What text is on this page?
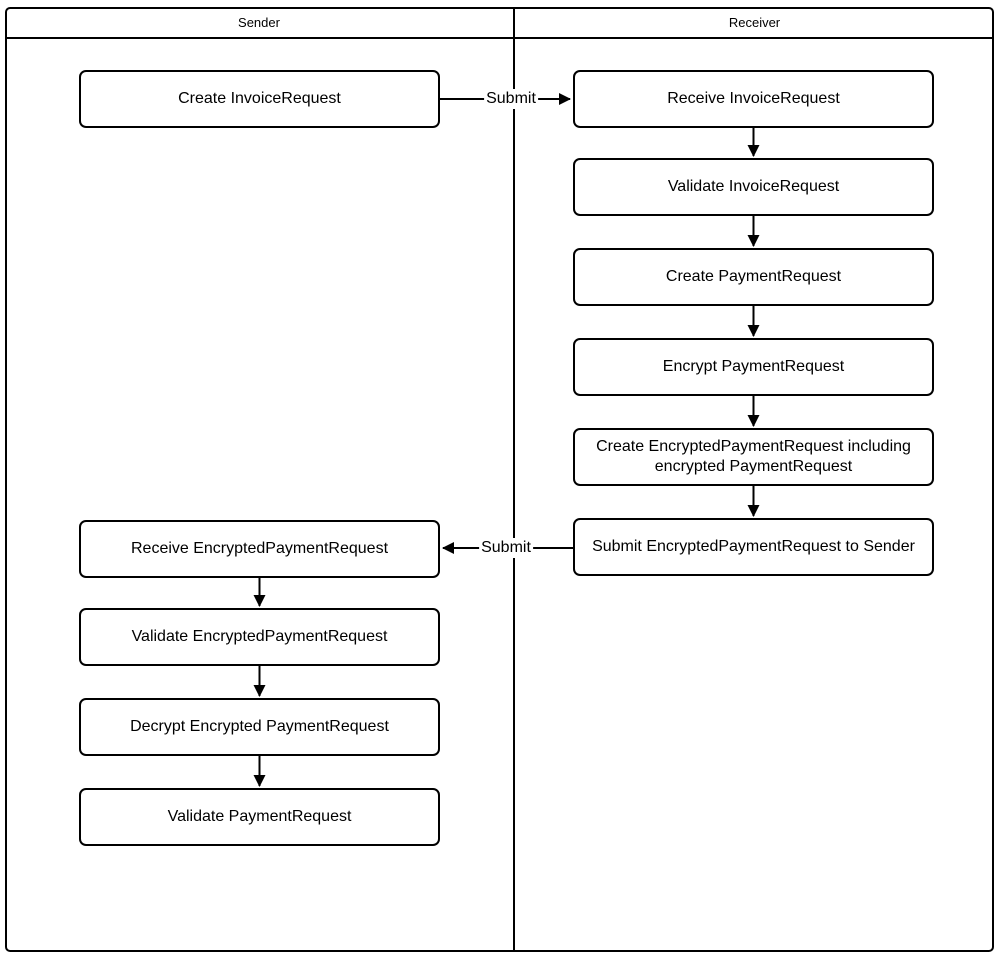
Sender	Receiver
Create InvoiceRequest	Receive InvoiceRequest
Validate InvoiceRequest
Create PaymentRequest
Encrypt PaymentRequest
Create EncryptedPaymentRequest including encrypted PaymentRequest
Submit EncryptedPaymentRequest to Sender
Receive EncryptedPaymentRequest
Validate EncryptedPaymentRequest
Decrypt Encrypted PaymentRequest
Validate PaymentRequest
Submit
Submit
